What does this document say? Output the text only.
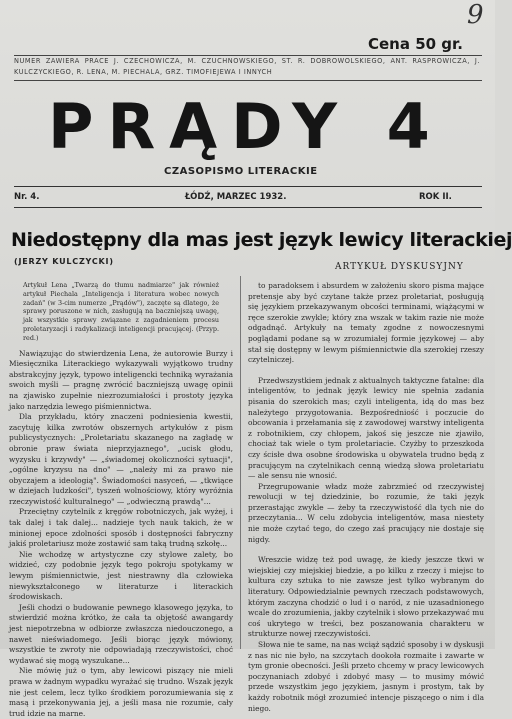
9
Cena 50 gr.
NUMER ZAWIERA PRACE J. CZECHOWICZA, M. CZUCHNOWSKIEGO, ST. R. DOBROWOLSKIEGO, ANT. RASPROWICZA, J. KULCZYCKIEGO, R. LENA, M. PIECHALA, GRZ. TIMOFIEJEWA I INNYCH
PRĄDY 4
CZASOPISMO LITERACKIE
Nr. 4.	ŁÓDŹ, MARZEC 1932.	ROK II.
Niedostępny dla mas jest język lewicy literackiej
(JERZY KULCZYCKI)
ARTYKUŁ DYSKUSYJNY

Artykuł Lena „Twarzą do tłumu nadmiarze" jak również artykuł Piechala „Inteligencja i literatura wobec nowych zadań" (w 3-cim numerze „Prądów"), zaczęte są dlatego, że sprawy poruszone w nich, zasługują na baczniejszą uwagę, jak wszystkie sprawy związane z zagadnieniem procesu proletaryzacji i radykalizacji inteligencji pracującej. (Przyp. red.)

Nawiązując do stwierdzenia Lena, że autorowie Burzy i Miesięcznika Literackiego wykazywali wyjątkowo trudny abstrakcyjny język, typowo inteligencki techniką wyrażania swoich myśli — pragnę zwrócić baczniejszą uwagę opinii na zjawisko zupełnie niezrozumiałości i prostoty języka jako narzędzia lewego piśmiennictwa.

Dla przykładu, który znaczeni podniesienia kwestii, zacytuję kilka zwrotów obszernych artykułów z pism publicystycznych: „Proletariatu skazanego na zagładę w obronie praw świata nieprzyjaznego", „ucisk głodu, wyzysku i krzywdy" — „świadomej okoliczności sytuacji", „ogólne kryzysu na dno" — „należy mi za prawo nie obyczajem a ideologią". Świadomości nasyceń, — „tkwiące w dziejach ludzkości", tyszeń wolnościowy, który wyróżnia rzeczywistość kulturalnego" — „odwieczną prawdą"...

Przeciętny czytelnik z kręgów robotniczych, jak wyżej, i tak dalej i tak dalej... nadzieje tych nauk takich, że w minionej epoce zdolności sposób i dostępności fabryczny jakiś proletariusz może zostawić sam taką trudną szkołę...

Nie wchodzę w artystyczne czy stylowe zalety, bo widzieć, czy podobnie język tego pokroju spotykamy w lewym piśmiennictwie, jest niestrawny dla człowieka niewykształconego w literaturze i literackich środowiskach.

Jeśli chodzi o budowanie pewnego klasowego języka, to stwierdzić można krótko, że cała ta objętość awangardy jest niepotrzebna w odbiorze zwłaszcza niedouczonego, a nawet nieświadomego. Jeśli biorąc język mówiony, wszystkie te zwroty nie odpowiadają rzeczywistości, choć wydawać się mogą wyszukane...

Nie mówię już o tym, aby lewicowi piszący nie mieli prawa w żadnym wypadku wyrażać się trudno. Wszak język nie jest celem, lecz tylko środkiem porozumiewania się z masą i przekonywania jej, a jeśli masa nie rozumie, cały trud idzie na marne.

to paradoksem i absurdem w założeniu skoro pisma mające pretensje aby być czytane także przez proletariat, posługują się językiem przekazywanym obcości terminami, wiążącymi w ręce szerokie zwykle; który zna wszak w takim razie nie może odgadnąć. Artykuły na tematy zgodne z nowoczesnymi poglądami podane są w zrozumiałej formie językowej — aby stał się dostępny w lewym piśmiennictwie dla szerokiej rzeszy czytelniczej.

Przedwszystkiem jednak z aktualnych taktyczne fatalne: dla inteligentów, to jednak język lewicy nie spełnia zadania pisania do szerokich mas; czyli inteligenta, idą do mas bez należytego przygotowania. Bezpośredniość i poczucie do obcowania i przełamania się z zawodowej warstwy inteligenta z robotnikiem, czy chłopem, jakoś się jeszcze nie zjawiło, chociaż tak wiele o tym proletariacie. Czyżby to przeszkoda czy ścisłe dwa osobne środowiska u obywatela trudno będą z pracującym na czytelnikach cenną wiedzą słowa proletariatu — ale sensu nie wnosić.

Przegrupowanie władz może zabrzmieć od rzeczywistej rewolucji w tej dziedzinie, bo rozumie, że taki język przerastając zwykle — żeby ta rzeczywistość dla tych nie do przeczytania... W celu zdobycia inteligentów, masa niestety nie może czytać tego, do czego zaś pracujący nie dostaje się nigdy.

Wreszcie widzę też pod uwagę, że kiedy jeszcze tkwi w wiejskiej czy miejskiej biedzie, a po kilku z rzeczy i miejsc to kultura czy sztuka to nie zawsze jest tylko wybranym do literatury. Odpowiedzialnie pewnych rzeczach podstawowych, którym zaczyna chodzić o lud i o naród, z nie uzasadnionego wcale do zrozumienia, jakby czytelnik i słowo przekazywać mu coś ukrytego w treści, bez poszanowania charakteru w strukturze nowej rzeczywistości.

Słowa nie te same, na nas wciąż sądzić sposoby i w dyskusji z nas nic nie było, na szczytach dookoła rozmaite i zawarte w tym gronie obecności. Jeśli przeto chcemy w pracy lewicowych poczynaniach zdobyć i zdobyć masy — to musimy mówić przede wszystkim jego językiem, jasnym i prostym, tak by każdy robotnik mógł zrozumieć intencje piszącego o nim i dla niego.
